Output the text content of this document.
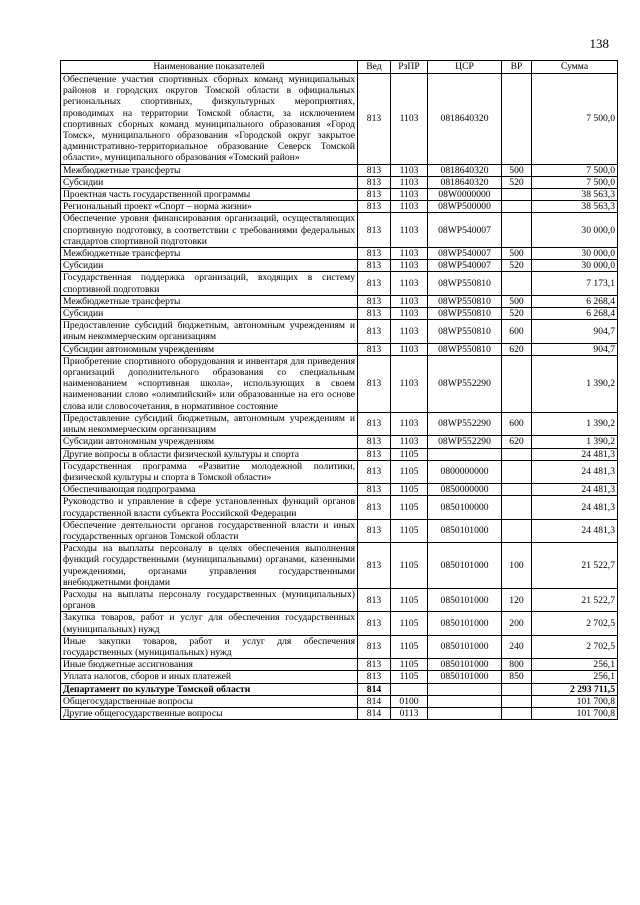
138
Наименование показателей	Вед	РзПР	ЦСР	ВР	Сумма
Обеспечение участия спортивных сборных команд муниципальных районов и городских округов Томской области в официальных региональных спортивных, физкультурных мероприятиях, проводимых на территории Томской области, за исключением спортивных сборных команд муниципального образования «Город Томск», муниципального образования «Городской округ закрытое административно-территориальное образование Северск Томской области», муниципального образования «Томский район»	813	1103	0818640320		7 500,0
Межбюджетные трансферты	813	1103	0818640320	500	7 500,0
Субсидии	813	1103	0818640320	520	7 500,0
Проектная часть государственной программы	813	1103	08W0000000		38 563,3
Региональный проект «Спорт – норма жизни»	813	1103	08WP500000		38 563,3
Обеспечение уровня финансирования организаций, осуществляющих спортивную подготовку, в соответствии с требованиями федеральных стандартов спортивной подготовки	813	1103	08WP540007		30 000,0
Межбюджетные трансферты	813	1103	08WP540007	500	30 000,0
Субсидии	813	1103	08WP540007	520	30 000,0
Государственная поддержка организаций, входящих в систему спортивной подготовки	813	1103	08WP550810		7 173,1
Межбюджетные трансферты	813	1103	08WP550810	500	6 268,4
Субсидии	813	1103	08WP550810	520	6 268,4
Предоставление субсидий бюджетным, автономным учреждениям и иным некоммерческим организациям	813	1103	08WP550810	600	904,7
Субсидии автономным учреждениям	813	1103	08WP550810	620	904,7
Приобретение спортивного оборудования и инвентаря для приведения организаций дополнительного образования со специальным наименованием «спортивная школа», использующих в своем наименовании слово «олимпийский» или образованные на его основе слова или словосочетания, в нормативное состояние	813	1103	08WP552290		1 390,2
Предоставление субсидий бюджетным, автономным учреждениям и иным некоммерческим организациям	813	1103	08WP552290	600	1 390,2
Субсидии автономным учреждениям	813	1103	08WP552290	620	1 390,2
Другие вопросы в области физической культуры и спорта	813	1105			24 481,3
Государственная программа «Развитие молодежной политики, физической культуры и спорта в Томской области»	813	1105	0800000000		24 481,3
Обеспечивающая подпрограмма	813	1105	0850000000		24 481,3
Руководство и управление в сфере установленных функций органов государственной власти субъекта Российской Федерации	813	1105	0850100000		24 481,3
Обеспечение деятельности органов государственной власти и иных государственных органов Томской области	813	1105	0850101000		24 481,3
Расходы на выплаты персоналу в целях обеспечения выполнения функций государственными (муниципальными) органами, казенными учреждениями, органами управления государственными внебюджетными фондами	813	1105	0850101000	100	21 522,7
Расходы на выплаты персоналу государственных (муниципальных) органов	813	1105	0850101000	120	21 522,7
Закупка товаров, работ и услуг для обеспечения государственных (муниципальных) нужд	813	1105	0850101000	200	2 702,5
Иные закупки товаров, работ и услуг для обеспечения государственных (муниципальных) нужд	813	1105	0850101000	240	2 702,5
Иные бюджетные ассигнования	813	1105	0850101000	800	256,1
Уплата налогов, сборов и иных платежей	813	1105	0850101000	850	256,1
Департамент по культуре Томской области	814				2 293 711,5
Общегосударственные вопросы	814	0100			101 700,8
Другие общегосударственные вопросы	814	0113			101 700,8
